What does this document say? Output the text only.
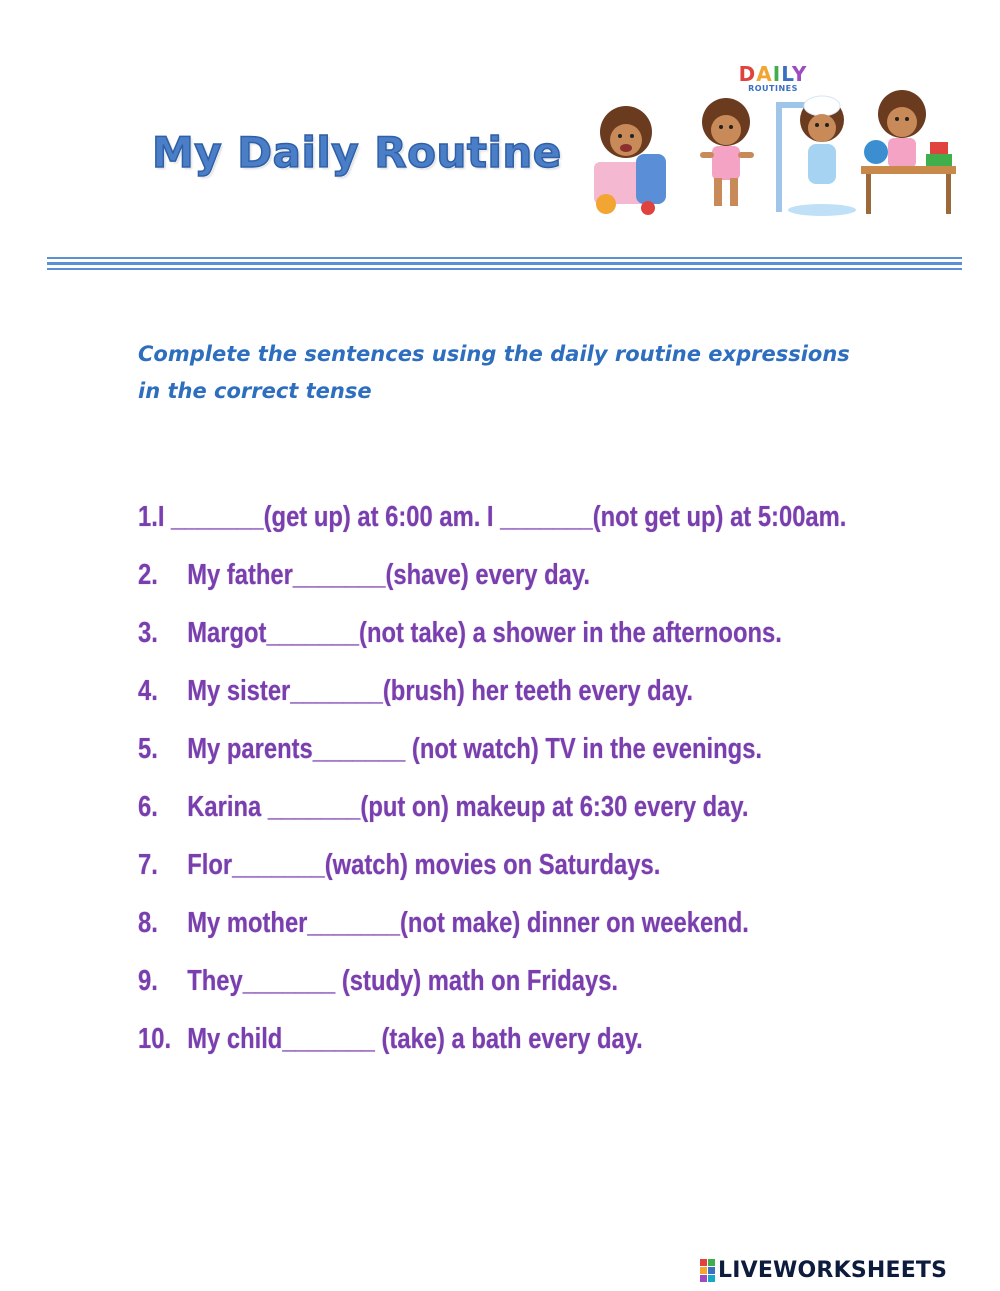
My Daily Routine
DAILY
ROUTINES
Complete the sentences using the daily routine expressions
in the correct tense
1. I _______(get up) at 6:00 am. I _______(not get up) at 5:00am.
2.	My father_______(shave) every day.
3.	Margot_______(not take) a shower in the afternoons.
4.	My sister_______(brush) her teeth every day.
5.	My parents_______ (not watch) TV in the evenings.
6.	Karina _______(put on) makeup at 6:30 every day.
7.	Flor_______(watch) movies on Saturdays.
8.	My mother_______(not make) dinner on weekend.
9.	They_______ (study) math on Fridays.
10. My child_______ (take) a bath every day.
LIVEWORKSHEETS
